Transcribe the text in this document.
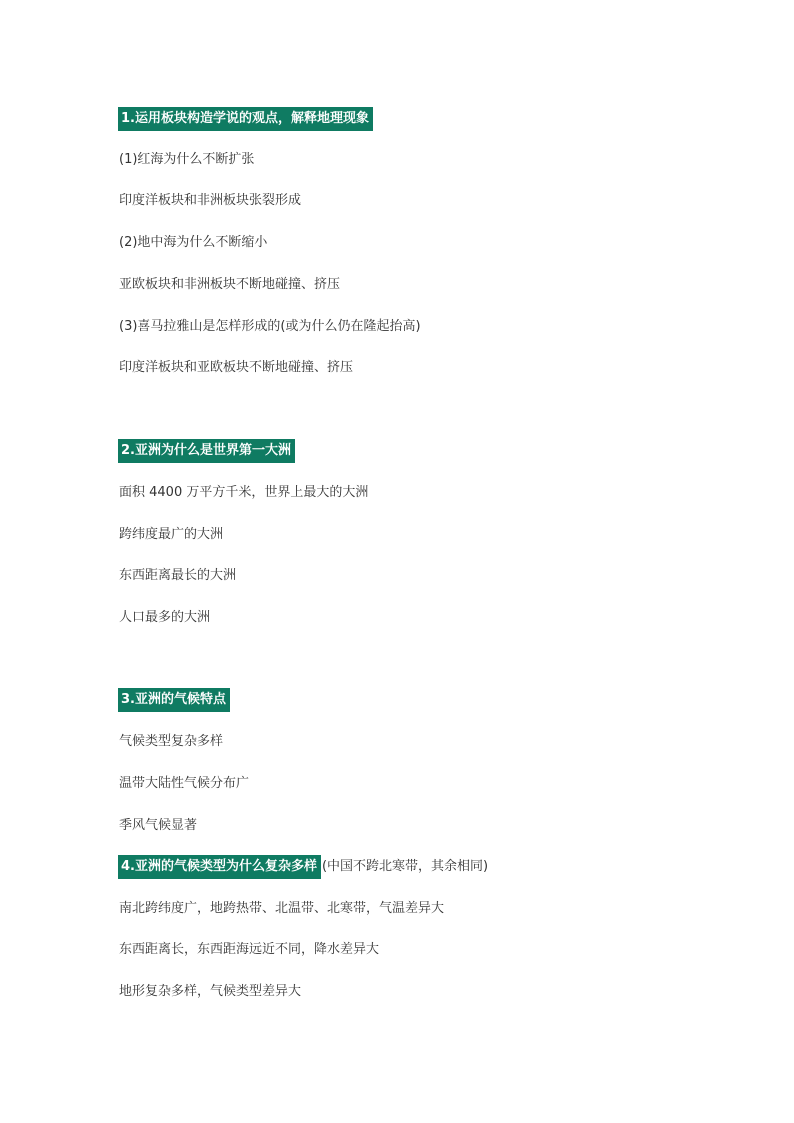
1.运用板块构造学说的观点，解释地理现象
(1)红海为什么不断扩张
印度洋板块和非洲板块张裂形成
(2)地中海为什么不断缩小
亚欧板块和非洲板块不断地碰撞、挤压
(3)喜马拉雅山是怎样形成的(或为什么仍在隆起抬高)
印度洋板块和亚欧板块不断地碰撞、挤压
2.亚洲为什么是世界第一大洲
面积 4400 万平方千米，世界上最大的大洲
跨纬度最广的大洲
东西距离最长的大洲
人口最多的大洲
3.亚洲的气候特点
气候类型复杂多样
温带大陆性气候分布广
季风气候显著
4.亚洲的气候类型为什么复杂多样 (中国不跨北寒带，其余相同)
南北跨纬度广，地跨热带、北温带、北寒带，气温差异大
东西距离长，东西距海远近不同，降水差异大
地形复杂多样，气候类型差异大
